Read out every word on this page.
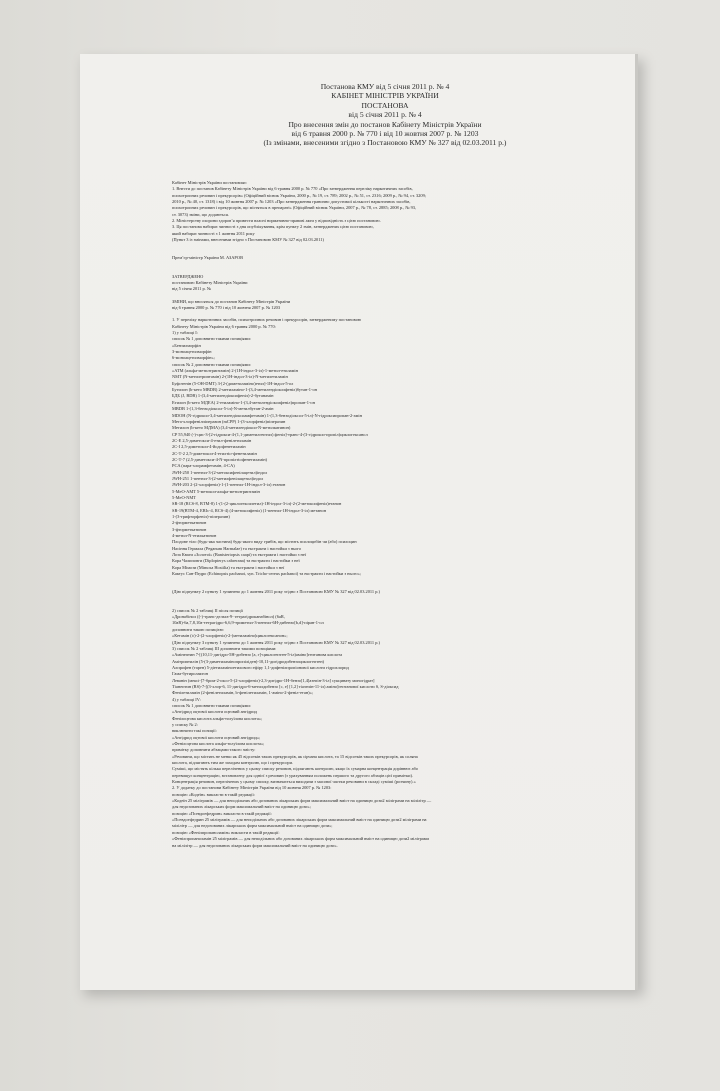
Постанова КМУ від 5 січня 2011 р. № 4
КАБІНЕТ МІНІСТРІВ УКРАЇНИ
ПОСТАНОВА
від 5 січня 2011 р. № 4
Про внесення змін до постанов Кабінету Міністрів України
від 6 травня 2000 р. № 770 і від 10 жовтня 2007 р. № 1203
(Із змінами, внесеними згідно з Постановою КМУ № 327 від 02.03.2011 р.)
Кабінет Міністрів України постановляє:
1. Внести до постанов Кабінету Міністрів України від 6 травня 2000 р. № 770 «Про затвердження переліку наркотичних засобів,
психотропних речовин і прекурсорів» (Офіційний вісник України, 2000 р., № 19, ст. 789; 2002 р., № 51, ст. 2316; 2009 р., № 94, ст. 3209;
2010 р., № 40, ст. 1318) і від 10 жовтня 2007 р. № 1203 «Про затвердження гранично допустимої кількості наркотичних засобів,
психотропних речовин і прекурсорів, що містяться в препараті» (Офіційний вісник України, 2007 р., № 78, ст. 2885; 2008 р., № 93,
ст. 3073) зміни, що додаються.
2. Міністерству охорони здоров’я привести власні нормативно-правові акти у відповідність з цією постановою.
3. Ця постанова набирає чинності з дня опублікування, крім пункту 2 змін, затверджених цією постановою,
який набирає чинності з 1 жовтня 2011 року
(Пункт 3 із змінами, внесеними згідно з Постановою КМУ № 327 від 02.03.2011)
Прем’єр-міністр України М. АЗАРОВ
ЗАТВЕРДЖЕНО
постановою Кабінету Міністрів України
від 5 січня 2011 р. №
ЗМІНИ, що вносяться до постанов Кабінету Міністрів України
від 6 травня 2000 р. № 770 і від 10 жовтня 2007 р. № 1203
1. У переліку наркотичних засобів, психотропних речовин і прекурсорів, затвердженому постановою
Кабінету Міністрів України від 6 травня 2000 р. № 770:
1) у таблиці I:
список № 1 доповнити такими позиціями:
«Бензилморфін
3-моноацетилморфін
6-моноацетилморфін»;
список № 2 доповнити такими позиціями:
«АТМ (альфа-метилтриптамін) 2-(1Н-індол-3-іл)-1-метил-етиламін
NMT (N-метилтриптамін) 2-(1Н-індол-3-іл)-N-метилетиламін
Буфотенін (5-ОН-DMT) 3-[2-(диметиламіно)етил]-1Н-індол-5-ол
Бутилон (b-кето MBDB) 2-метиламіно-1-(3,4-метилендіоксифеніл)бутан-1-он
БДБ (J, BDB) 1-(3,4-метилендіоксифеніл)-2-бутанамін
Етилон (b-кето МДЕА) 2-етиламіно-1-(3,4-метилендіоксифеніл)пропан-1-он
MBDB 1-(1,3-бензодіоксол-5-іл)-N-метилбутан-2-амін
MDOH (N-гідрокси-3,4-метилендіоксиамфетамін) 1-(1,3-бензодіоксол-5-іл)-N-гідроксипропан-2-амін
Мета-хлорфенілпіперазин (mCPP) 1-(3-хлорфеніл)піперазин
Метилон (b-кето МДМА) (3,4-метилендіокси-N-метилкатинон)
CP 55,940 (-)-цис-3-[2-гідрокси-4-(1,1-диметилгептил) феніл]-транс-4-(3-гідрокси-пропіл)циклогексанол
2С-Е 2,5-диметокси-4-етил-фенілетиламін
2С-I 2,5-диметокси-4-йодофенетиламін
2С-Т-2 2,5-диметокси-4-етилтіо-фенетиламін
2С-Т-7 (2,5-диметокси-4-N-пропілтіофенетиламін)
PCA (пара-хлорамфетамін, 4-CA)
JWH-250 1-пентил-3-(2-метоксифенілацетил)індол
JWH-251 1-пентил-3-(2-метилфенілацетил)індол
JWH-203 2-(2-хлорфеніл)-1-(1-пентил-1Н-індол-3-іл) етанон
5-MeO-AMT 5-метокси-альфа-метилтриптамін
5-MeO-NMT
SR-18 (RCS-8, BTM-8) 1-(1-(2-циклогексилетил)-1Н-індол-3-іл)-2-(2-метоксифеніл)етанон
SR-19(BTM-4, ERIc-4, RCS-4) (4-метоксифеніл) (1-пентил-1Н-індол-3-іл) метанон
1-(3-трифторфеніл)-піперазин)
2-фторметкатинон
3-фторметкатинон
4-метил-N-етилкатинон
Плодове тіло (будь-яка частина) будь-якого виду грибів, що містить псилоцибін чи (або) псилоцин
Насіння Гермала (Peganum Harmalae) та екстракти і настойки з нього
Лоза Кваги «Золотої» (Banisteriopsis caapi) та екстракти і настойки з неї
Кора Чалиповги (Diplopterys cabrerana) та екстракти і настойки з неї
Кора Мімози (Mimosa Hostilia) та екстракти і настойки з неї
Кактус Сан-Педро (Echinopsis pachanoi, syn. Tricho-cereus pachanoi) та екстракти і настойки з нього»;
(Дію підпункту 2 пункту 1 зупинено до 1 жовтня 2011 року згідно з Постановою КМУ № 327 від 02.03.2011 р.)
2) список № 2 таблиці II після позиції
«Дронабінол ((-)-транс-дельта-9- тетрагідроканабінол) (6aR,
10aR)-6a,7,8,10a-тетрагідро-6,6,9-триметил-3-пентил-6H-дибензо[b,d]-піран-1-ол
доповнити такою позицією:
«Кетамін (±)-2-(2-хлорфеніл)-2-(метиламіно)циклогексанон»;
(Дію підпункту 3 пункту 1 зупинено до 1 жовтня 2011 року згідно з Постановою КМУ № 327 від 02.03.2011 р.)
3) список № 2 таблиці III доповнити такими позиціями:
«Амінептин 7-[(10,11-дигідро-5Н-дибензо [a, г]-циклогептен-5-іл)аміно]гептанова кислота
Амітриптилін (5-(3-диметиламінопропіліден)-10,11-дигідродибензоциклогептен)
Алпрофен (тарен) 5-діетиламіноетилового ефіру 1,1-дифенілпропіонової кислоти гідрохлорид
Гама-бутиролактон
Леванін (мексі-[7-бром-2-оксо-5-(2-хлорфеніл)-2,3-дигідро-1Н-бензо[1,4]азепін-3-іл] сукцинату моногідрат]
Тіанептин (RS)-7-[(3-хлор-6, 11-дигідро-6-метилдибензо [c, e] [1,2] тіазепін-11-іл) аміно]гептанової кислоти S, S-діоксид
Фенілетиламін (2-фенілетиламін, b-фенілетиламін, 1-аміно-2-феніл-етан)»;
4) у таблиці IV:
список № 1 доповнити такими позиціями:
«Ангідрид оцтової кислоти оцтовий ангідрид
Фенілоцтова кислота альфа-толуїлова кислота»;
у списку № 2:
виключити такі позиції:
«Ангідрид оцтової кислоти оцтовий ангідрид»;
«Фенілоцтова кислота альфа-толуїлова кислота»;
примітку доповнити абзацами такого змісту:
«Речовини, що містять не менш як 45 відсотків таких прекурсорів, як сірчана кислота, та 15 відсотків таких прекурсорів, як соляна
кислота, підлягають тим же заходам контролю, що і прекурсори.
Суміші, що містять кілька перелічених у цьому списку речовин, підлягають контролю, якщо їх сумарна концентрація дорівнює або
перевищує концентрацію, встановлену для однієї з речовин (з урахуванням положень першого та другого абзаців цієї примітки).
Концентрація речовин, перелічених у цьому списку, визначається виходячи з масової частки речовини в складі суміші (розчину).»
2. У додатку до постанови Кабінету Міністрів України від 10 жовтня 2007 р. № 1203:
позицію «Кодеїн» викласти в такій редакції:
«Кодеїн 25 міліграмів — для неподільних або дозованих лікарських форм максимальний вміст на одиницю дози2 міліграми на мілілітр —
для недозованих лікарських форм максимальний вміст на одиницю дози»;
позицію «Псевдоефедрин» викласти в такій редакції:
«Псевдоефедрин 25 міліграмів — для неподільних або дозованих лікарських форм максимальний вміст на одиницю дози2 міліграми на
мілілітр — для недозованих лікарських форм максимальний вміст на одиницю дози»;
позицію «Фенілпропаноламін» викласти в такій редакції:
«Фенілпропаноламін 25 міліграмів — для неподільних або дозованих лікарських форм максимальний вміст на одиницю дози2 міліграми
на мілілітр — для недозованих лікарських форм максимальний вміст на одиницю дози».
